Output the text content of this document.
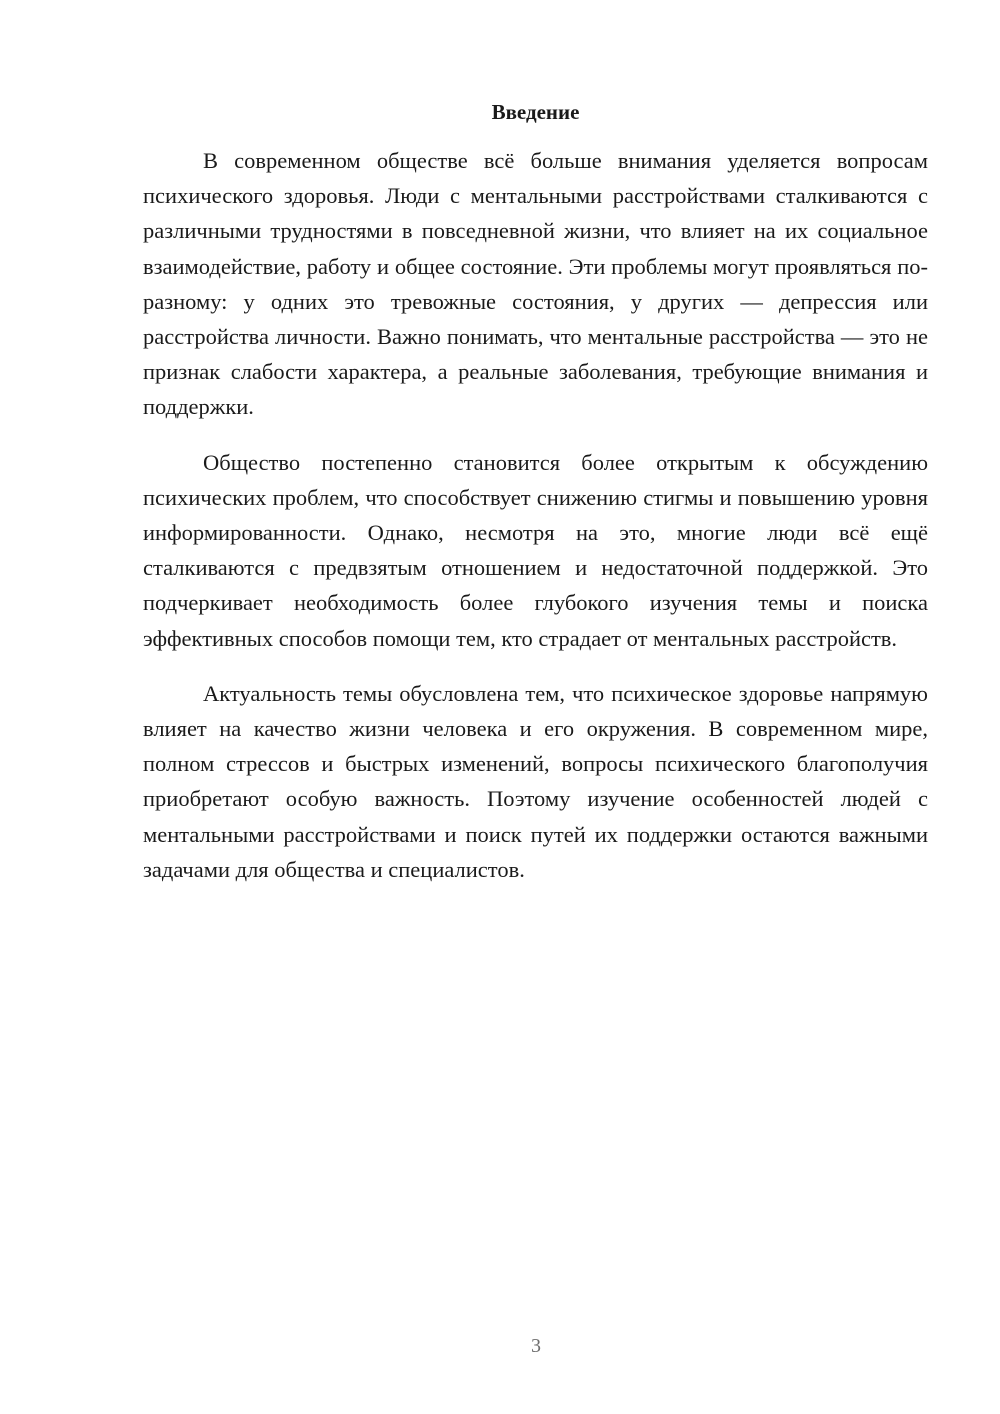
Введение

В современном обществе всё больше внимания уделяется вопросам психического здоровья. Люди с ментальными расстройствами сталкиваются с различными трудностями в повседневной жизни, что влияет на их социальное взаимодействие, работу и общее состояние. Эти проблемы могут проявляться по-разному: у одних это тревожные состояния, у других — депрессия или расстройства личности. Важно понимать, что ментальные расстройства — это не признак слабости характера, а реальные заболевания, требующие внимания и поддержки.

Общество постепенно становится более открытым к обсуждению психических проблем, что способствует снижению стигмы и повышению уровня информированности. Однако, несмотря на это, многие люди всё ещё сталкиваются с предвзятым отношением и недостаточной поддержкой. Это подчеркивает необходимость более глубокого изучения темы и поиска эффективных способов помощи тем, кто страдает от ментальных расстройств.

Актуальность темы обусловлена тем, что психическое здоровье напрямую влияет на качество жизни человека и его окружения. В современном мире, полном стрессов и быстрых изменений, вопросы психического благополучия приобретают особую важность. Поэтому изучение особенностей людей с ментальными расстройствами и поиск путей их поддержки остаются важными задачами для общества и специалистов.

3
